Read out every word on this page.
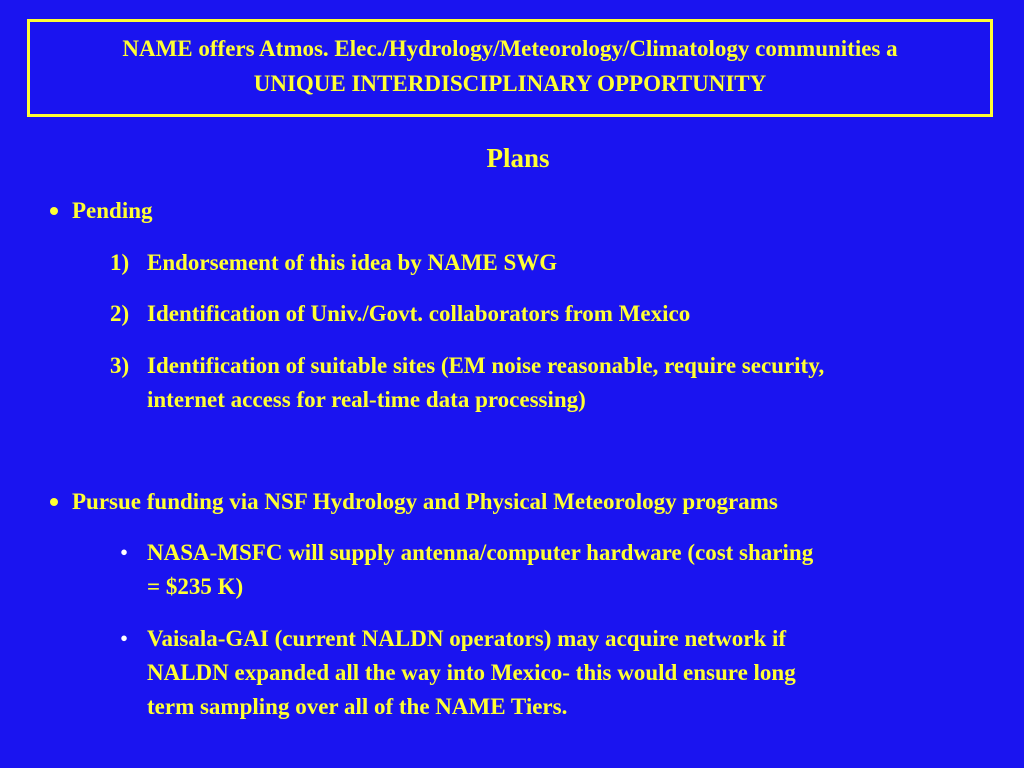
NAME offers Atmos. Elec./Hydrology/Meteorology/Climatology communities a
UNIQUE INTERDISCIPLINARY OPPORTUNITY
Plans
Pending
1) Endorsement of this idea by NAME SWG
2) Identification of Univ./Govt. collaborators from Mexico
3) Identification of suitable sites (EM noise reasonable, require security,
internet access for real-time data processing)
Pursue funding via NSF Hydrology and Physical Meteorology programs
• NASA-MSFC will supply antenna/computer hardware (cost sharing
= $235 K)
• Vaisala-GAI (current NALDN operators) may acquire network if
NALDN expanded all the way into Mexico- this would ensure long
term sampling over all of the NAME Tiers.
